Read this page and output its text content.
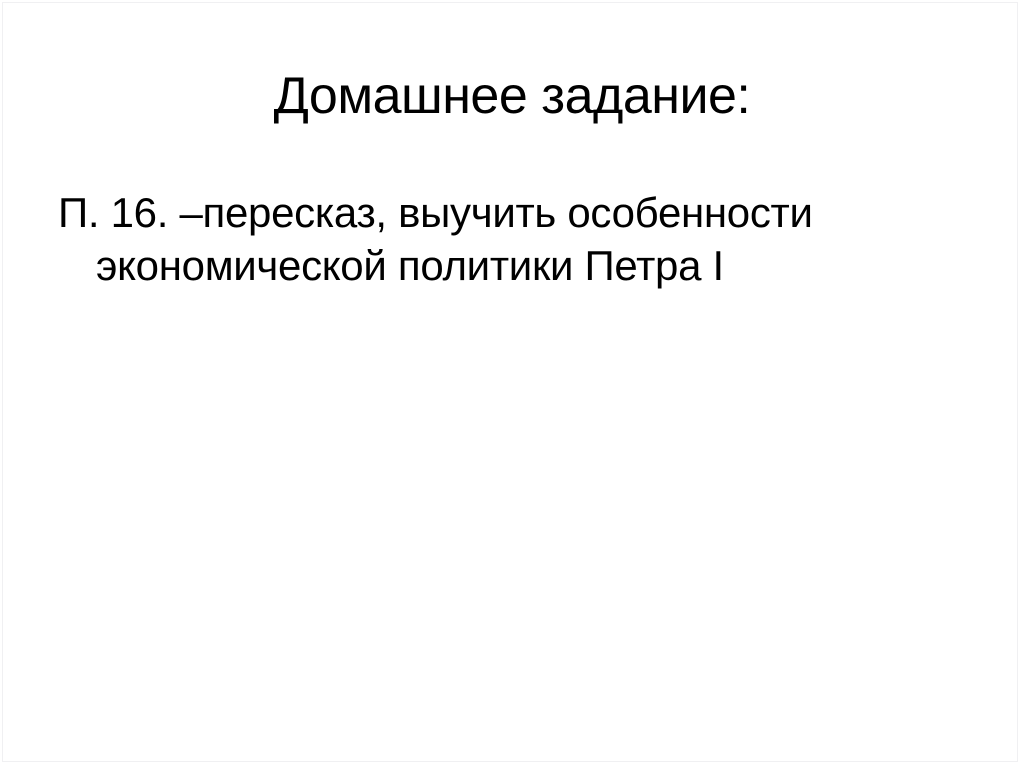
Домашнее задание:
П. 16. –пересказ, выучить особенности
экономической политики Петра I
